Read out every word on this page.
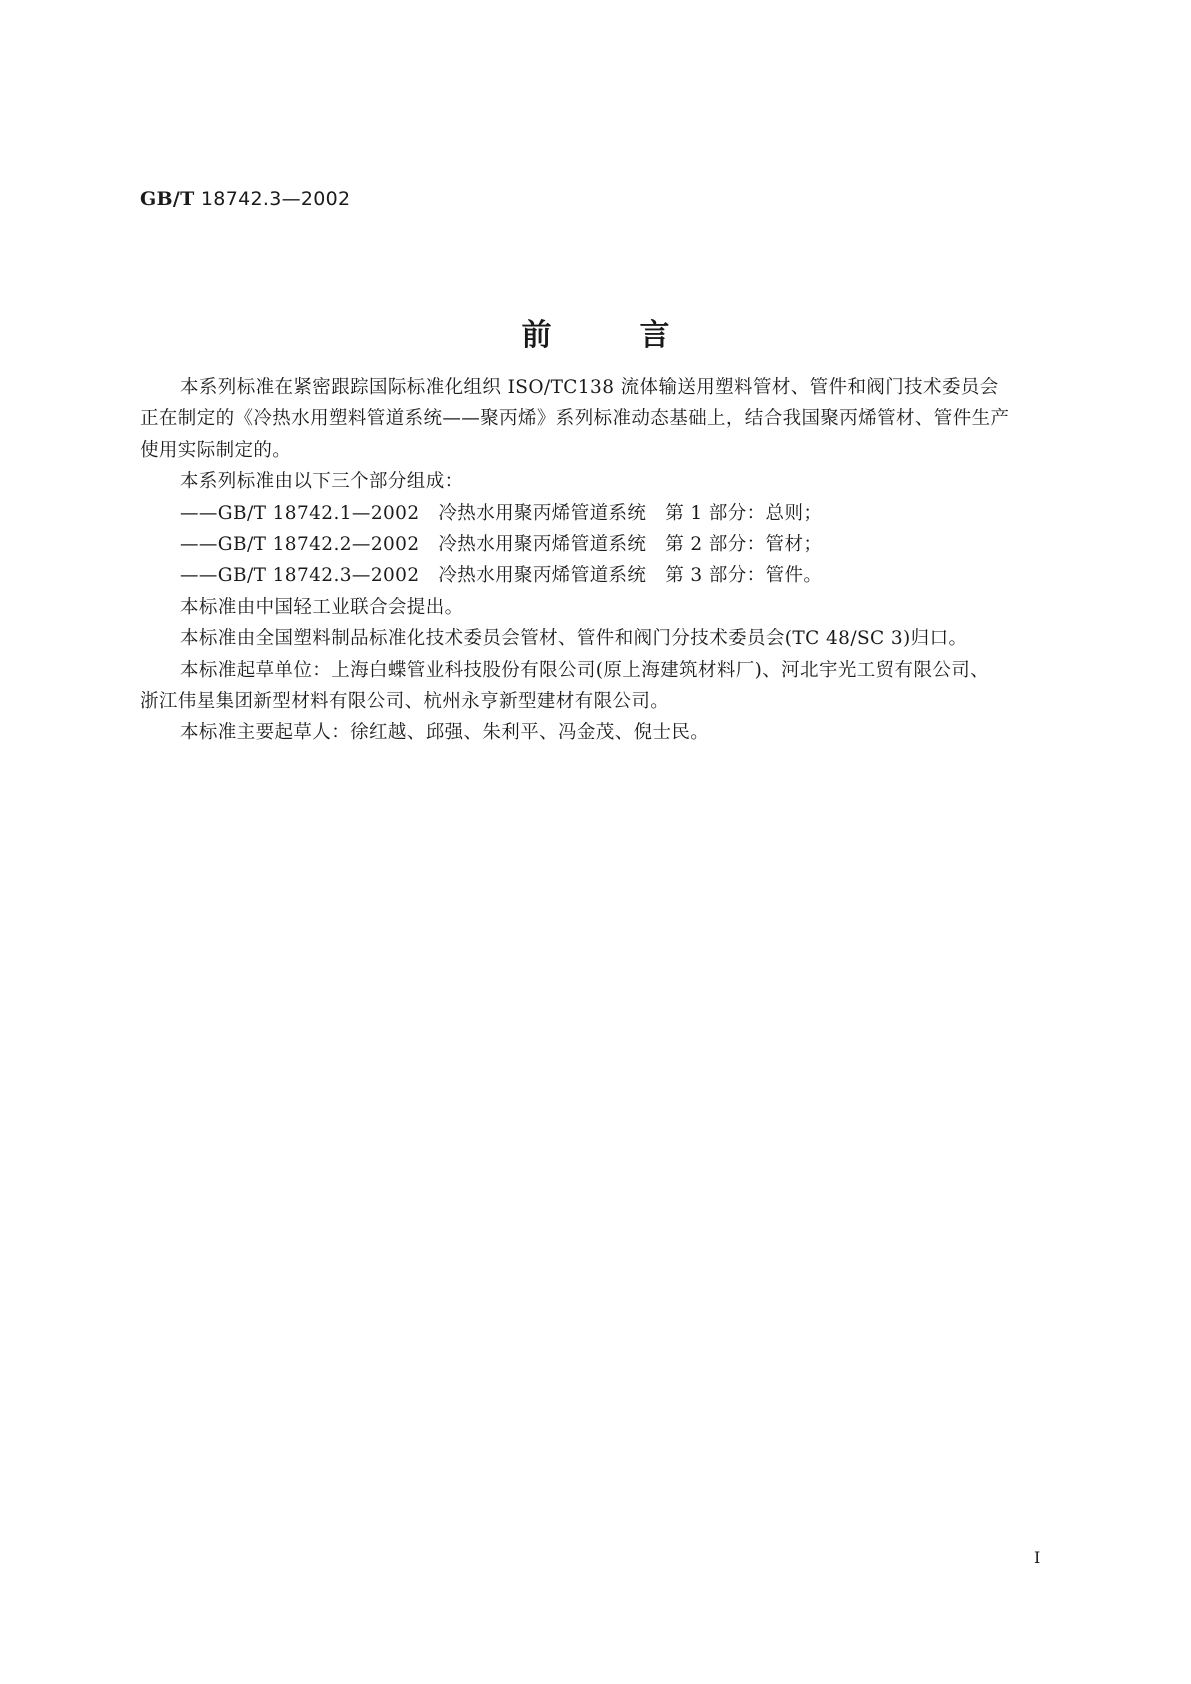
GB/T 18742.3—2002
前言

本系列标准在紧密跟踪国际标准化组织 ISO/TC138 流体输送用塑料管材、管件和阀门技术委员会

正在制定的《冷热水用塑料管道系统——聚丙烯》系列标准动态基础上，结合我国聚丙烯管材、管件生产

使用实际制定的。

本系列标准由以下三个部分组成：

——GB/T 18742.1—2002　冷热水用聚丙烯管道系统　第 1 部分：总则；

——GB/T 18742.2—2002　冷热水用聚丙烯管道系统　第 2 部分：管材；

——GB/T 18742.3—2002　冷热水用聚丙烯管道系统　第 3 部分：管件。

本标准由中国轻工业联合会提出。

本标准由全国塑料制品标准化技术委员会管材、管件和阀门分技术委员会(TC 48/SC 3)归口。

本标准起草单位：上海白蝶管业科技股份有限公司(原上海建筑材料厂)、河北宇光工贸有限公司、

浙江伟星集团新型材料有限公司、杭州永亨新型建材有限公司。

本标准主要起草人：徐红越、邱强、朱利平、冯金茂、倪士民。

I
